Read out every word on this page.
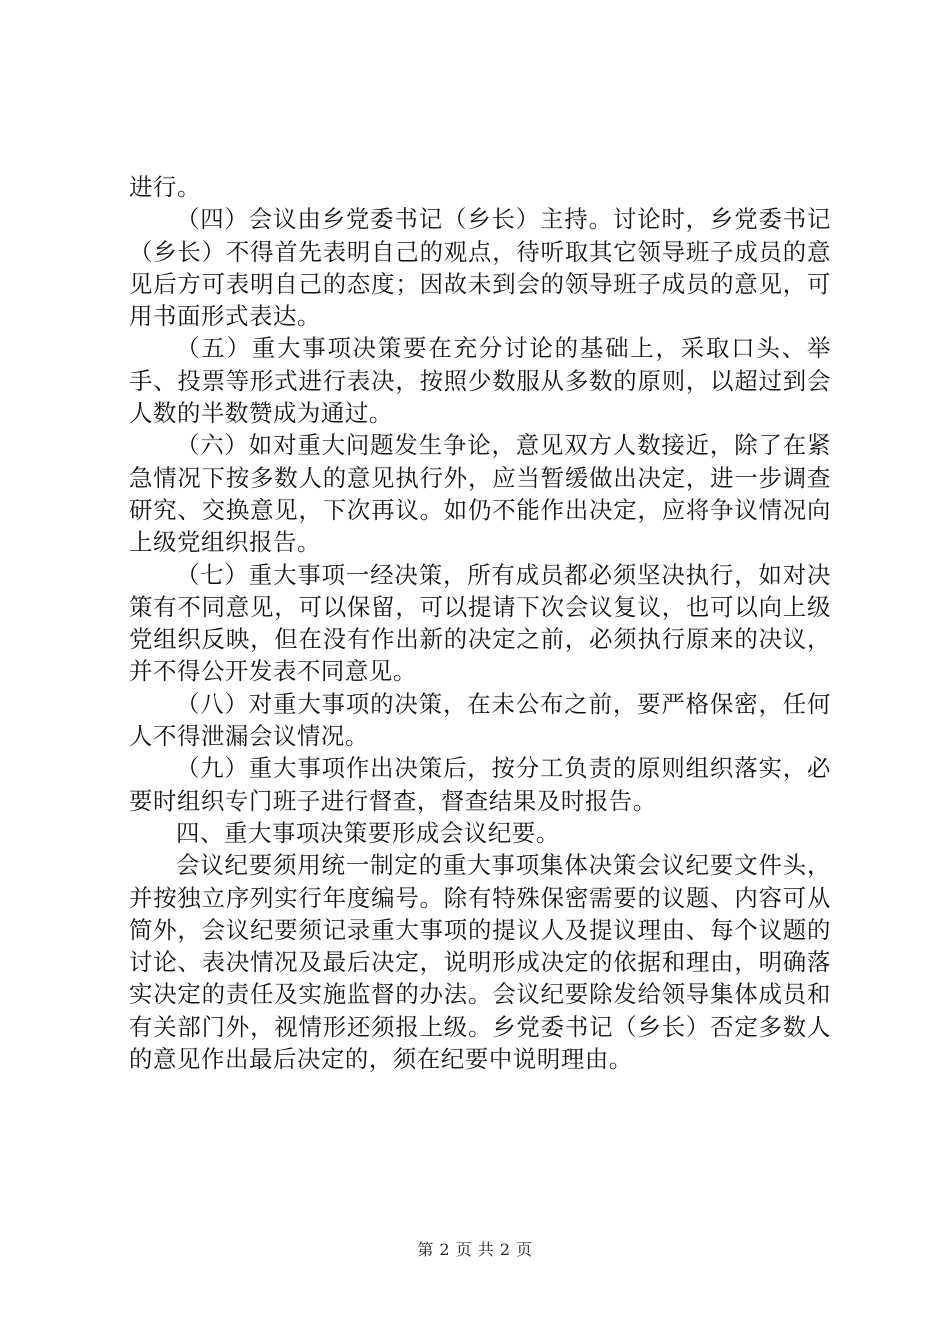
进行。

（四）会议由乡党委书记（乡长）主持。讨论时，乡党委书记（乡长）不得首先表明自己的观点，待听取其它领导班子成员的意见后方可表明自己的态度；因故未到会的领导班子成员的意见，可用书面形式表达。

（五）重大事项决策要在充分讨论的基础上，采取口头、举手、投票等形式进行表决，按照少数服从多数的原则，以超过到会人数的半数赞成为通过。

（六）如对重大问题发生争论，意见双方人数接近，除了在紧急情况下按多数人的意见执行外，应当暂缓做出决定，进一步调查研究、交换意见，下次再议。如仍不能作出决定，应将争议情况向上级党组织报告。

（七）重大事项一经决策，所有成员都必须坚决执行，如对决策有不同意见，可以保留，可以提请下次会议复议，也可以向上级党组织反映，但在没有作出新的决定之前，必须执行原来的决议，并不得公开发表不同意见。

（八）对重大事项的决策，在未公布之前，要严格保密，任何人不得泄漏会议情况。

（九）重大事项作出决策后，按分工负责的原则组织落实，必要时组织专门班子进行督查，督查结果及时报告。

四、重大事项决策要形成会议纪要。

会议纪要须用统一制定的重大事项集体决策会议纪要文件头，并按独立序列实行年度编号。除有特殊保密需要的议题、内容可从简外，会议纪要须记录重大事项的提议人及提议理由、每个议题的讨论、表决情况及最后决定，说明形成决定的依据和理由，明确落实决定的责任及实施监督的办法。会议纪要除发给领导集体成员和有关部门外，视情形还须报上级。乡党委书记（乡长）否定多数人的意见作出最后决定的，须在纪要中说明理由。

第 2 页 共 2 页
